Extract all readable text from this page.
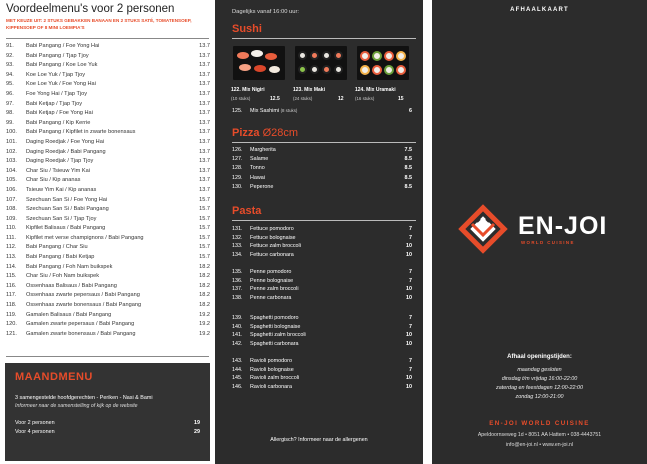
Voordeelmenu's voor 2 personen
MET KEUZE UIT: 2 STUKS GEBAKKEN BANAAN EN 2 STUKS SATÉ, TOMATENSOEP, KIPPENSOEP OF 8 MINI LOEMPIA'S
91. Babi Pangang / Foe Yong Hai	13.7
92. Babi Pangang / Tjap Tjoy	13.7
93. Babi Pangang / Koe Loe Yuk	13.7
94. Koe Loe Yuk / Tjap Tjoy	13.7
95. Koe Loe Yuk / Foe Yong Hai	13.7
96. Foe Yong Hai / Tjap Tjoy	13.7
97. Babi Ketjap / Tjap Tjoy	13.7
98. Babi Ketjap / Foe Yong Hai	13.7
99. Babi Pangang / Kip Kerrie	13.7
100. Babi Pangang / Kipfilet in zwarte bonensaus	13.7
101. Daging Roedjak / Foe Yong Hai	13.7
102. Daging Roedjak / Babi Pangang	13.7
103. Daging Roedjak / Tjap Tjoy	13.7
104. Char Siu / Tsieuw Yim Kai	13.7
105. Char Siu / Kip ananas	13.7
106. Tsieuw Yim Kai / Kip ananas	13.7
107. Szechuan San Si / Foe Yong Hai	15.7
108. Szechuan San Si / Babi Pangang	15.7
109. Szechuan San Si / Tjap Tjoy	15.7
110. Kipfilet Balisaus / Babi Pangang	15.7
111. Kipfilet met verse champignons / Babi Pangang	15.7
112. Babi Pangang / Char Siu	15.7
113. Babi Pangang / Babi Ketjap	15.7
114. Babi Pangang / Foh Nam buikspek	18.2
115. Char Siu / Foh Nam buikspek	18.2
116. Ossenhaas Balisaus / Babi Pangang	18.2
117. Ossenhaas zwarte pepersaus / Babi Pangang	18.2
118. Ossenhaas zwarte bonensaus / Babi Pangang	18.2
119. Gamalen Balisaus / Babi Pangang	19.2
120. Gamalen zwarte pepersaus / Babi Pangang	19.2
121. Gamalen zwarte bonensaus / Babi Pangang	19.2
MAANDMENU
3 samengestelde hoofdgerechten - Periken - Nasi & Bami
Informeer naar de samenstelling of kijk op de website
Voor 2 personen	19
Voor 4 personen	29
Dagelijks vanaf 16:00 uur:
Sushi
122. Mix Nigiri
(10 stuks)	12.5
123. Mix Maki
(24 stuks)	12
124. Mix Uramaki
(16 stuks)	15
125. Mix Sashimi (8 stuks)	6
Pizza Ø28cm
Pasta
Allergisch? Informeer naar de allergenen
126. Margherita	7.5
127. Salame	8.5
128. Tonno	8.5
129. Hawai	8.5
130. Peperone	8.5
131. Fettuce pomodoro	7
132. Fettuce bolognaise	7
133. Fettuce zalm broccoli	10
134. Fettuce carbonara	10
135. Penne pomodoro	7
136. Penne bolognaise	7
137. Penne zalm broccoli	10
138. Penne carbonara	10
139. Spaghetti pomodoro	7
140. Spaghetti bolognaise	7
141. Spaghetti zalm broccoli	10
142. Spaghetti carbonara	10
143. Ravioli pomodoro	7
144. Ravioli bolognaise	7
145. Ravioli zalm broccoli	10
146. Ravioli carbonara	10
AFHAALKAART
EN-JOI
WORLD CUISINE
Afhaal openingstijden:
maandag gesloten
dinsdag t/m vrijdag 16:00-22:00
zaterdag en feestdagen 12:00-22:00
zondag 12:00-21:00
EN-JOI WORLD CUISINE
Apeldoornseweg 1d • 8051 AA Hattem • 038-4443751
info@en-joi.nl • www.en-joi.nl
